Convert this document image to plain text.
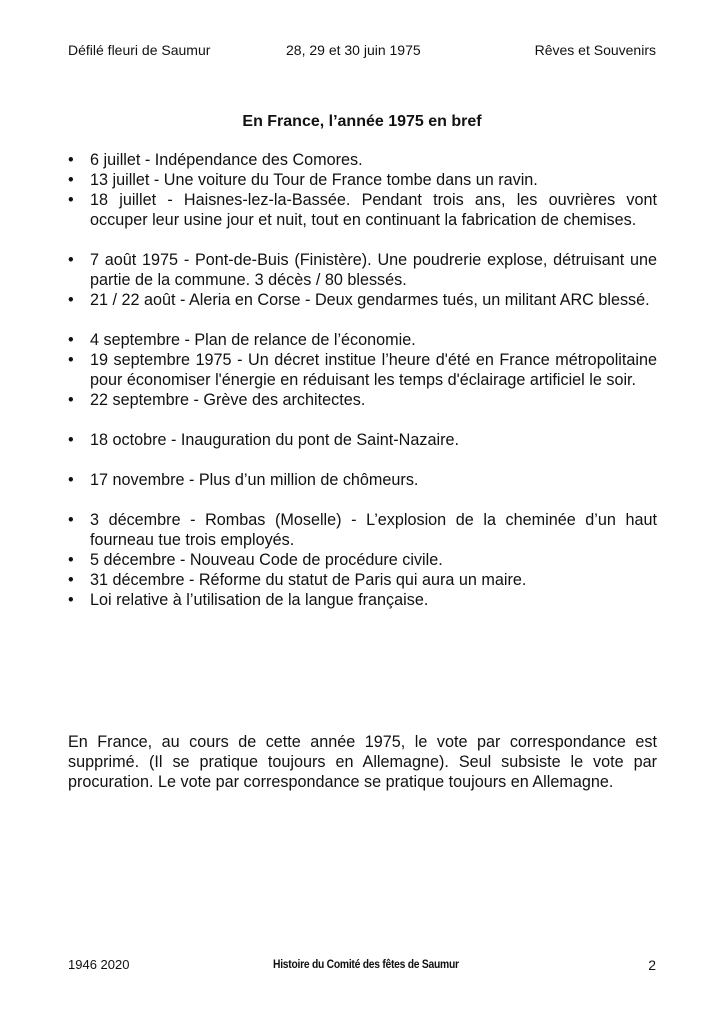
Défilé fleuri de Saumur	28, 29 et 30 juin 1975	Rêves et Souvenirs
En France, l’année 1975 en bref
• 6 juillet - Indépendance des Comores.
• 13 juillet - Une voiture du Tour de France tombe dans un ravin.
• 18 juillet - Haisnes-lez-la-Bassée. Pendant trois ans, les ouvrières vont occuper leur usine jour et nuit, tout en continuant la fabrication de chemises.
• 7 août 1975 - Pont-de-Buis (Finistère). Une poudrerie explose, détruisant une partie de la commune. 3 décès / 80 blessés.
• 21 / 22 août - Aleria en Corse - Deux gendarmes tués, un militant ARC blessé.
• 4 septembre - Plan de relance de l’économie.
• 19 septembre 1975 - Un décret institue l’heure d'été en France métropolitaine pour économiser l'énergie en réduisant les temps d'éclairage artificiel le soir.
• 22 septembre - Grève des architectes.
• 18 octobre - Inauguration du pont de Saint-Nazaire.
• 17 novembre - Plus d’un million de chômeurs.
• 3 décembre - Rombas (Moselle) - L’explosion de la cheminée d’un haut fourneau tue trois employés.
• 5 décembre - Nouveau Code de procédure civile.
• 31 décembre - Réforme du statut de Paris qui aura un maire.
• Loi relative à l’utilisation de la langue française.

En France, au cours de cette année 1975, le vote par correspondance est supprimé. (Il se pratique toujours en Allemagne). Seul subsiste le vote par procuration. Le vote par correspondance se pratique toujours en Allemagne.

1946 2020	Histoire du Comité des fêtes de Saumur	2
